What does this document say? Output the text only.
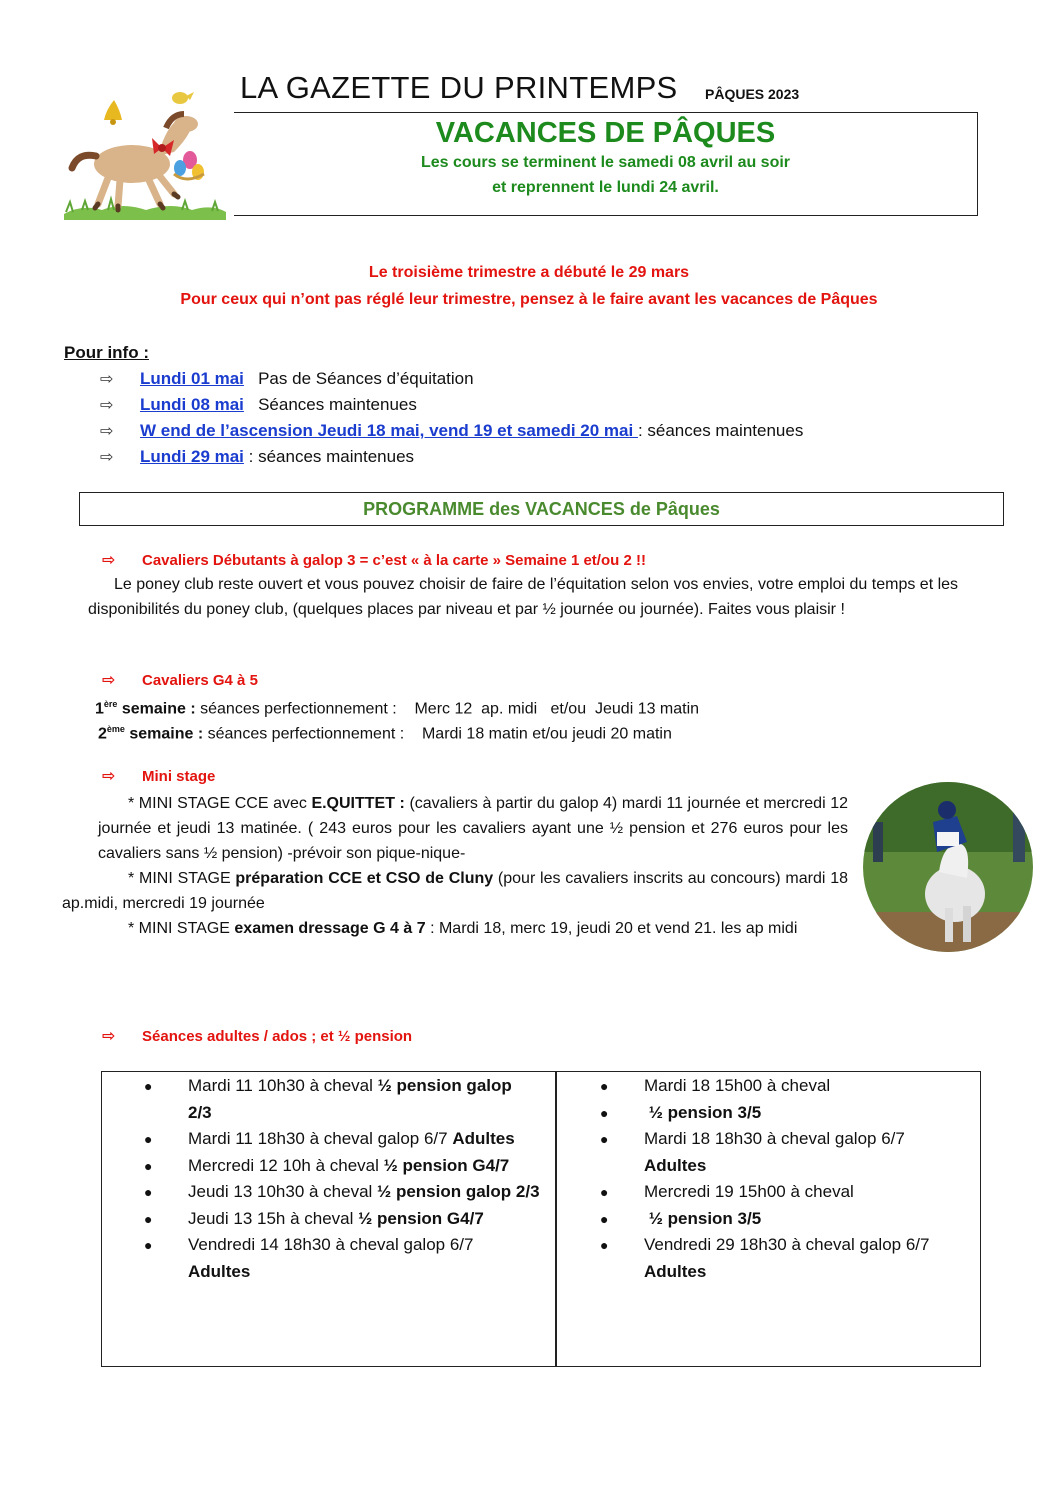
LA GAZETTE DU PRINTEMPS PÂQUES 2023
VACANCES DE PÂQUES
Les cours se terminent le samedi 08 avril au soir
et reprennent le lundi 24 avril.
Le troisième trimestre a débuté le 29 mars
Pour ceux qui n’ont pas réglé leur trimestre, pensez à le faire avant les vacances de Pâques
Pour info :
⇨ Lundi 01 mai   Pas de Séances d’équitation
⇨ Lundi 08 mai   Séances maintenues
⇨ W end de l’ascension Jeudi 18 mai, vend 19 et samedi 20 mai : séances maintenues
⇨ Lundi 29 mai : séances maintenues
PROGRAMME des VACANCES de Pâques
⇨ Cavaliers Débutants à galop 3 = c’est « à la carte » Semaine 1 et/ou 2 !!
Le poney club reste ouvert et vous pouvez choisir de faire de l’équitation selon vos envies, votre emploi du temps et les disponibilités du poney club, (quelques places par niveau et par ½ journée ou journée). Faites vous plaisir !
⇨ Cavaliers G4 à 5
1ère semaine : séances perfectionnement :    Merc 12  ap. midi   et/ou  Jeudi 13 matin
2ème semaine : séances perfectionnement :    Mardi 18 matin et/ou jeudi 20 matin
⇨ Mini stage

* MINI STAGE CCE avec E.QUITTET : (cavaliers à partir du galop 4) mardi 11 journée et mercredi 12 journée et jeudi 13 matinée. ( 243 euros pour les cavaliers ayant une ½ pension et 276 euros pour les cavaliers sans ½ pension) -prévoir son pique-nique-

* MINI STAGE préparation CCE et CSO de Cluny (pour les cavaliers inscrits au concours) mardi 18 ap.midi, mercredi 19 journée

* MINI STAGE examen dressage G 4 à 7 : Mardi 18, merc 19, jeudi 20 et vend 21. les ap midi

⇨ Séances adultes / ados ; et ½ pension

● Mardi 11 10h30 à cheval ½ pension galop 2/3

● Mardi 11 18h30 à cheval galop 6/7 Adultes

● Mercredi 12 10h à cheval ½ pension G4/7

● Jeudi 13 10h30 à cheval ½ pension galop 2/3

● Jeudi 13 15h à cheval ½ pension G4/7

● Vendredi 14 18h30 à cheval galop 6/7 Adultes

● Mardi 18 15h00 à cheval

● ½ pension 3/5

● Mardi 18 18h30 à cheval galop 6/7 Adultes

● Mercredi 19 15h00 à cheval

● ½ pension 3/5

● Vendredi 29 18h30 à cheval galop 6/7 Adultes
